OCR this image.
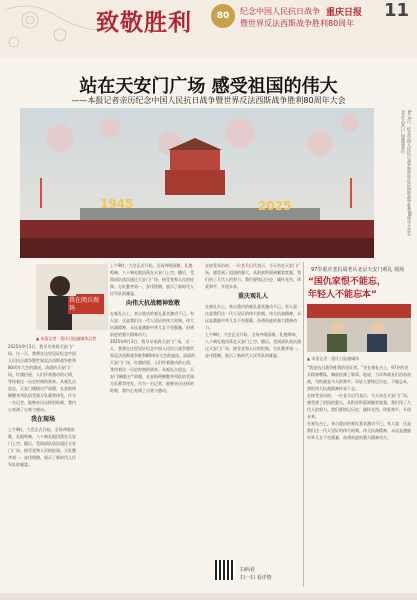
致敬胜利	80	纪念中国人民抗日战争
暨世界反法西斯战争胜利80周年
重庆日报 11
站在天安门广场 感受祖国的伟大
——本报记者亲历纪念中国人民抗日战争暨世界反法西斯战争胜利80周年大会
1945	2025	9月3日，纪念中国人民抗日战争暨世界反法西斯战争胜利80周年大会在北京天安门广场隆重举行
我在阅兵现场
▲ 本报记者 · 重庆日报融媒体记者
2025年9月3日，我早早来到天安门广场，这一天，我将在这里见证纪念中国人民抗日战争暨世界反法西斯战争胜利80周年大会的盛况。清晨的天安门广场，红旗招展，人们怀着激动的心情，等待着这一历史时刻的到来。从观礼台望去，天安门城楼庄严肃穆，长安街两侧整齐列队的受阅方队蓄势待发。作为一名记者，能够亲历这样的时刻，我内心充满了自豪与感动。
我在现场
上午9时，大会正式开始。全场齐唱国歌，礼炮鸣响，八十响礼炮回荡在天安门上空。随后，受阅部队依次通过天安门广场，接受党和人民的检阅。方队整齐划一，步伐铿锵，展示了新时代人民军队的雄姿。
上午9时，大会正式开始。全场齐唱国歌，礼炮鸣响，八十响礼炮回荡在天安门上空。随后，受阅部队依次通过天安门广场，接受党和人民的检阅。方队整齐划一，步伐铿锵，展示了新时代人民军队的雄姿。
向伟大抗战精神致敬
在观礼台上，来自重庆的观礼嘉宾激动不已。有人说：这是我们这一代人见证的伟大时刻。伟大抗战精神，永远是激励中华儿女不畏强暴、奋勇前进的强大精神动力。
2025年9月3日，我早早来到天安门广场，这一天，我将在这里见证纪念中国人民抗日战争暨世界反法西斯战争胜利80周年大会的盛况。清晨的天安门广场，红旗招展，人们怀着激动的心情，等待着这一历史时刻的到来。从观礼台望去，天安门城楼庄严肃穆，长安街两侧整齐列队的受阅方队蓄势待发。作为一名记者，能够亲历这样的时刻，我内心充满了自豪与感动。
在接受采访时，一位老兵后代表示，今天站在天安门广场，感受到了祖国的强大。从积贫积弱到繁荣富强，我们用了几代人的努力。我们要铭记历史、缅怀先烈、珍爱和平、开创未来。
重庆观礼人
在观礼台上，来自重庆的观礼嘉宾激动不已。有人说：这是我们这一代人见证的伟大时刻。伟大抗战精神，永远是激励中华儿女不畏强暴、奋勇前进的强大精神动力。
上午9时，大会正式开始。全场齐唱国歌，礼炮鸣响，八十响礼炮回荡在天安门上空。随后，受阅部队依次通过天安门广场，接受党和人民的检阅。方队整齐划一，步伐铿锵，展示了新时代人民军队的雄姿。
97岁重庆老抗战老兵北京天安门观礼 现场
“国仇家恨不能忘，
年轻人不能忘本”
▲ 本报记者 · 重庆日报融媒体
“我是抗日战争胜利的见证者。”坐在观礼台上，97岁的老兵精神矍铄，胸前挂满了勋章。他说，当年和战友们浴血奋战，为的就是今天的和平。年轻人要铭记历史，不能忘本，要把伟大抗战精神传承下去。
在接受采访时，一位老兵后代表示，今天站在天安门广场，感受到了祖国的强大。从积贫积弱到繁荣富强，我们用了几代人的努力。我们要铭记历史、缅怀先烈、珍爱和平、开创未来。
在观礼台上，来自重庆的观礼嘉宾激动不已。有人说：这是我们这一代人见证的伟大时刻。伟大抗战精神，永远是激励中华儿女不畏强暴、奋勇前进的强大精神动力。
扫码看
扫一扫 看详情
